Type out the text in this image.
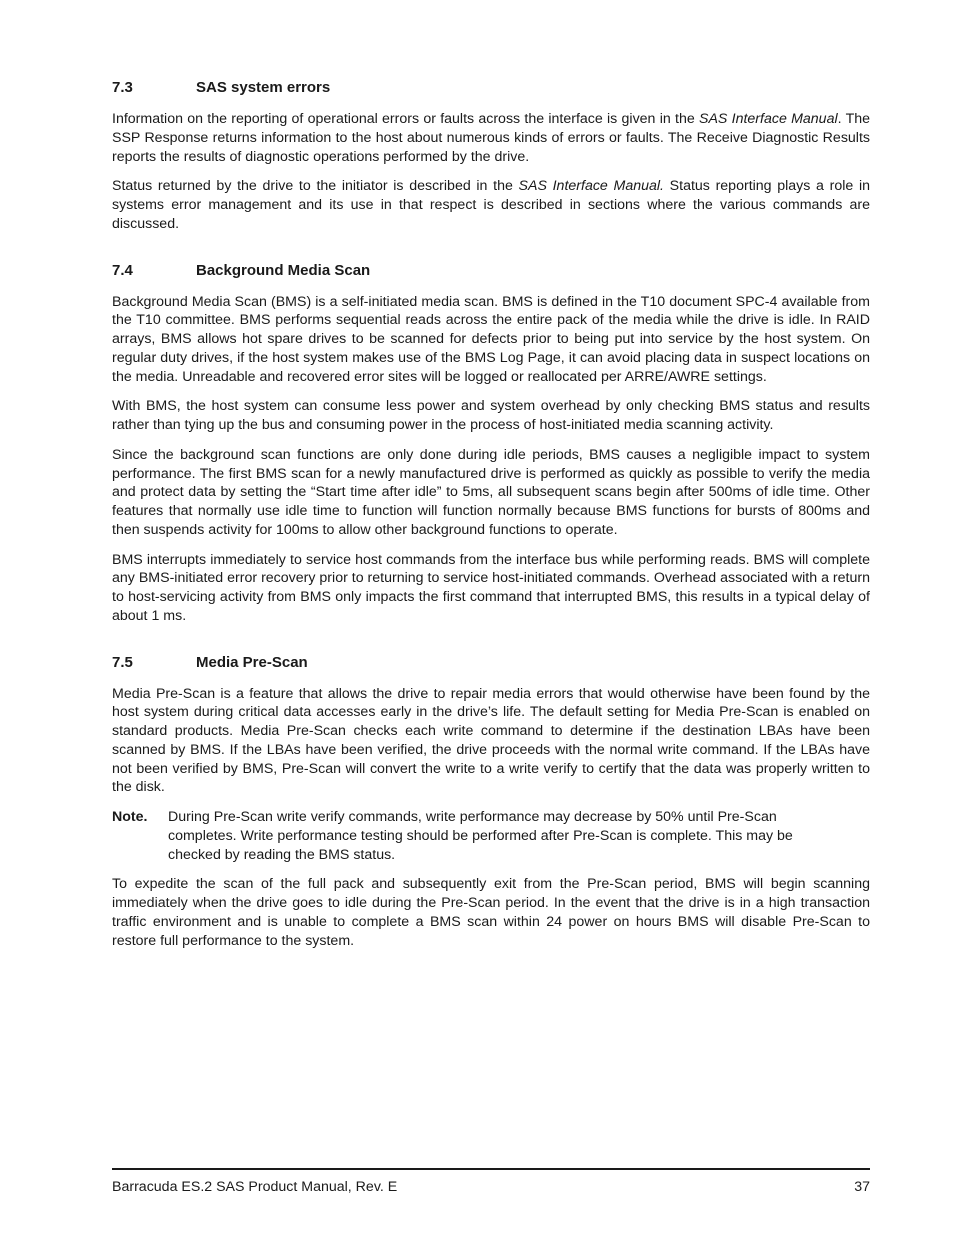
7.3	SAS system errors

Information on the reporting of operational errors or faults across the interface is given in the SAS Interface Manual. The SSP Response returns information to the host about numerous kinds of errors or faults. The Receive Diagnostic Results reports the results of diagnostic operations performed by the drive.

Status returned by the drive to the initiator is described in the SAS Interface Manual. Status reporting plays a role in systems error management and its use in that respect is described in sections where the various commands are discussed.

7.4	Background Media Scan

Background Media Scan (BMS) is a self-initiated media scan. BMS is defined in the T10 document SPC-4 available from the T10 committee. BMS performs sequential reads across the entire pack of the media while the drive is idle. In RAID arrays, BMS allows hot spare drives to be scanned for defects prior to being put into service by the host system. On regular duty drives, if the host system makes use of the BMS Log Page, it can avoid placing data in suspect locations on the media. Unreadable and recovered error sites will be logged or reallocated per ARRE/AWRE settings.

With BMS, the host system can consume less power and system overhead by only checking BMS status and results rather than tying up the bus and consuming power in the process of host-initiated media scanning activity.

Since the background scan functions are only done during idle periods, BMS causes a negligible impact to system performance. The first BMS scan for a newly manufactured drive is performed as quickly as possible to verify the media and protect data by setting the “Start time after idle” to 5ms, all subsequent scans begin after 500ms of idle time. Other features that normally use idle time to function will function normally because BMS functions for bursts of 800ms and then suspends activity for 100ms to allow other background functions to operate.

BMS interrupts immediately to service host commands from the interface bus while performing reads. BMS will complete any BMS-initiated error recovery prior to returning to service host-initiated commands. Overhead associated with a return to host-servicing activity from BMS only impacts the first command that interrupted BMS, this results in a typical delay of about 1 ms.

7.5	Media Pre-Scan

Media Pre-Scan is a feature that allows the drive to repair media errors that would otherwise have been found by the host system during critical data accesses early in the drive’s life. The default setting for Media Pre-Scan is enabled on standard products. Media Pre-Scan checks each write command to determine if the destination LBAs have been scanned by BMS. If the LBAs have been verified, the drive proceeds with the normal write command. If the LBAs have not been verified by BMS, Pre-Scan will convert the write to a write verify to certify that the data was properly written to the disk.

Note.	During Pre-Scan write verify commands, write performance may decrease by 50% until Pre-Scan completes. Write performance testing should be performed after Pre-Scan is complete. This may be checked by reading the BMS status.

To expedite the scan of the full pack and subsequently exit from the Pre-Scan period, BMS will begin scanning immediately when the drive goes to idle during the Pre-Scan period. In the event that the drive is in a high transaction traffic environment and is unable to complete a BMS scan within 24 power on hours BMS will disable Pre-Scan to restore full performance to the system.

Barracuda ES.2 SAS Product Manual, Rev. E	37
